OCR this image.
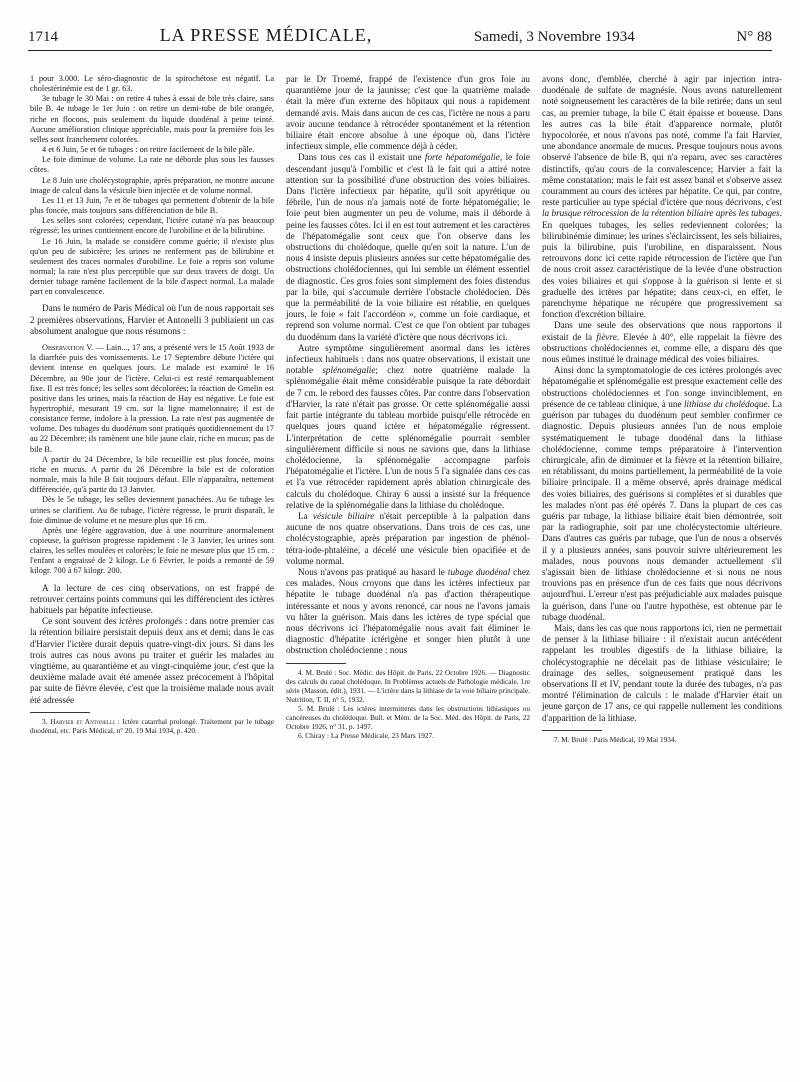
1714	LA PRESSE MÉDICALE,	Samedi, 3 Novembre 1934	N° 88

1 pour 3.000. Le séro-diagnostic de la spirochétose est négatif. La cholestérinémie est de 1 gr. 63.

3e tubage le 30 Mai : on retire 4 tubes à essai de bile très claire, sans bile B. 4e tubage le 1er Juin : on retire un demi-tube de bile orangée, riche en flocons, puis seulement du liquide duodénal à peine teinté. Aucune amélioration clinique appréciable, mais pour la première fois les selles sont franchement colorées.

4 et 6 Juin, 5e et 6e tubages : on retire facilement de la bile pâle.

Le foie diminue de volume. La rate ne déborde plus sous les fausses côtes.

Le 8 Juin une cholécystographie, après préparation, ne montre aucune image de calcul dans la vésicule bien injectée et de volume normal.

Les 11 et 13 Juin, 7e et 8e tubages qui permettent d'obtenir de la bile plus foncée, mais toujours sans différenciation de bile B.

Les selles sont colorées; cependant, l'ictère cutané n'a pas beaucoup régressé; les urines contiennent encore de l'urobiline et de la bilirubine.

Le 16 Juin, la malade se considère comme guérie; il n'existe plus qu'un peu de subictère; les urines ne renferment pas de bilirubine et seulement des traces normales d'urobiline. Le foie a repris son volume normal; la rate n'est plus perceptible que sur deux travers de doigt. Un dernier tubage ramène facilement de la bile d'aspect normal. La malade part en convalescence.

Dans le numéro de Paris Médical où l'un de nous rapportait ses 2 premières observations, Harvier et Antonelli 3 publiaient un cas absolument analogue que nous résumons :

Observation V. — Lain..., 17 ans, a présenté vers le 15 Août 1933 de la diarrhée puis des vomissements. Le 17 Septembre débute l'ictère qui devient intense en quelques jours. Le malade est examiné le 16 Décembre, au 90e jour de l'ictère. Celui-ci est resté remarquablement fixe. Il est très foncé; les selles sont décolorées; la réaction de Gmelin est positive dans les urines, mais la réaction de Hay est négative. Le foie est hypertrophié, mesurant 19 cm. sur la ligne mamelonnaire; il est de consistance ferme, indolore à la pression. La rate n'est pas augmentée de volume. Des tubages du duodénum sont pratiqués quotidiennement du 17 au 22 Décembre; ils ramènent une bile jaune clair, riche en mucus; pas de bile B.

A partir du 24 Décembre, la bile recueillie est plus foncée, moins riche en mucus. A partir du 26 Décembre la bile est de coloration normale, mais la bile B fait toujours défaut. Elle n'apparaîtra, nettement différenciée, qu'à partir du 13 Janvier.

Dès le 5e tubage, les selles deviennent panachées. Au 6e tubage les urines se clarifient. Au 8e tubage, l'ictère régresse, le prurit disparaît, le foie diminue de volume et ne mesure plus que 16 cm.

Après une légère aggravation, due à une nourriture anormalement copieuse, la guérison progresse rapidement : le 3 Janvier, les urines sont claires, les selles moulées et colorées; le foie ne mesure plus que 15 cm. : l'enfant a engraissé de 2 kilogr. Le 6 Février, le poids a remonté de 59 kilogr. 700 à 67 kilogr. 200.

A la lecture de ces cinq observations, on est frappé de retrouver certains points communs qui les différencient des ictères habituels par hépatite infectieuse.

Ce sont souvent des ictères prolongés : dans notre premier cas la rétention biliaire persistait depuis deux ans et demi; dans le cas d'Harvier l'ictère durait depuis quatre-vingt-dix jours. Si dans les trois autres cas nous avons pu traiter et guérir les malades au vingtième, au quarantième et au vingt-cinquième jour, c'est que la deuxième malade avait été amenée assez précocement à l'hôpital par suite de fièvre élevée, c'est que la troisième malade nous avait été adressée

3. Harvier et Antonelli : Ictère catarrhal prolongé. Traitement par le tubage duodénal, etc. Paris Médical, n° 20, 19 Mai 1934, p. 420.

par le Dr Troemé, frappé de l'existence d'un gros foie au quarantième jour de la jaunisse; c'est que la quatrième malade était la mère d'un externe des hôpitaux qui nous a rapidement demandé avis. Mais dans aucun de ces cas, l'ictère ne nous a paru avoir aucune tendance à rétrocéder spontanément et la rétention biliaire était encore absolue à une époque où, dans l'ictère infectieux simple, elle commence déjà à céder.

Dans tous ces cas il existait une forte hépatomégalie, le foie descendant jusqu'à l'ombilic et c'est là le fait qui a attiré notre attention sur la possibilité d'une obstruction des voies biliaires. Dans l'ictère infectieux par hépatite, qu'il soit apyrétique ou fébrile, l'un de nous n'a jamais noté de forte hépatomégalie; le foie peut bien augmenter un peu de volume, mais il déborde à peine les fausses côtes. Ici il en est tout autrement et les caractères de l'hépatomégalie sont ceux que l'on observe dans les obstructions du cholédoque, quelle qu'en soit la nature. L'un de nous 4 insiste depuis plusieurs années sur cette hépatomégalie des obstructions cholédociennes, qui lui semble un élément essentiel de diagnostic. Ces gros foies sont simplement des foies distendus par la bile, qui s'accumule derrière l'obstacle cholédocien. Dès que la perméabilité de la voie biliaire est rétablie, en quelques jours, le foie « fait l'accordéon », comme un foie cardiaque, et reprend son volume normal. C'est ce que l'on obtient par tubages du duodénum dans la variété d'ictère que nous décrivons ici.

Autre symptôme singulièrement anormal dans les ictères infectieux habituels : dans nos quatre observations, il existait une notable splénomégalie; chez notre quatrième malade la splénomégalie était même considérable puisque la rate débordait de 7 cm. le rebord des fausses côtes. Par contre dans l'observation d'Harvier, la rate n'était pas grosse. Or cette splénomégalie aussi fait partie intégrante du tableau morbide puisqu'elle rétrocède en quelques jours quand ictère et hépatomégalie régressent. L'interprétation de cette splénomégalie pourrait sembler singulièrement difficile si nous ne savions que, dans la lithiase cholédocienne, la splénomégalie accompagne parfois l'hépatomégalie et l'ictère. L'un de nous 5 l'a signalée dans ces cas et l'a vue rétrocéder rapidement après ablation chirurgicale des calculs du cholédoque. Chiray 6 aussi a insisté sur la fréquence relative de la splénomégalie dans la lithiase du cholédoque.

La vésicule biliaire n'était perceptible à la palpation dans aucune de nos quatre observations. Dans trois de ces cas, une cholécystographie, après préparation par ingestion de phénol-tétra-iode-phtaléine, a décelé une vésicule bien opacifiée et de volume normal.

Nous n'avons pas pratiqué au hasard le tubage duodénal chez ces malades. Nous croyons que dans les ictères infectieux par hépatite le tubage duodénal n'a pas d'action thérapeutique intéressante et nous y avons renoncé, car nous ne l'avons jamais vu hâter la guérison. Mais dans les ictères de type spécial que nous décrivons ici l'hépatomégalie nous avait fait éliminer le diagnostic d'hépatite ictérigène et songer bien plutôt à une obstruction cholédocienne : nous

4. M. Brulé : Soc. Médic. des Hôpit. de Paris, 22 Octobre 1926. — Diagnostic des calculs du canal cholédoque. In Problèmes actuels de Pathologie médicale, 1re série (Masson, édit.), 1931. — L'ictère dans la lithiase de la voie biliaire principale. Nutrition, T. II, n° 5, 1932.

5. M. Brulé : Les ictères intermittents dans les obstructions lithiasiques ou cancéreuses du cholédoque. Bull. et Mém. de la Soc. Méd. des Hôpit. de Paris, 22 Octobre 1926, n° 31, p. 1497.

6. Chiray : La Presse Médicale, 23 Mars 1927.

avons donc, d'emblée, cherché à agir par injection intra-duodénale de sulfate de magnésie. Nous avons naturellement noté soigneusement les caractères de la bile retirée; dans un seul cas, au premier tubage, la bile C était épaisse et boueuse. Dans les autres cas la bile était d'apparence normale, plutôt hypocolorée, et nous n'avons pas noté, comme l'a fait Harvier, une abondance anormale de mucus. Presque toujours nous avons observé l'absence de bile B, qui n'a reparu, avec ses caractères distinctifs, qu'au cours de la convalescence; Harvier a fait la même constatation; mais le fait est assez banal et s'observe assez couramment au cours des ictères par hépatite. Ce qui, par contre, reste particulier au type spécial d'ictère que nous décrivons, c'est la brusque rétrocession de la rétention biliaire après les tubages. En quelques tubages, les selles redeviennent colorées; la bilirubinémie diminue; les urines s'éclaircissent, les sels biliaires, puis la bilirubine, puis l'urobiline, en disparaissent. Nous retrouvons donc ici cette rapide rétrocession de l'ictère que l'un de nous croit assez caractéristique de la levée d'une obstruction des voies biliaires et qui s'oppose à la guérison si lente et si graduelle des ictères par hépatite; dans ceux-ci, en effet, le parenchyme hépatique ne récupère que progressivement sa fonction d'excrétion biliaire.

Dans une seule des observations que nous rapportons il existait de la fièvre. Elevée à 40°, elle rappelait la fièvre des obstructions cholédociennes et, comme elle, a disparu dès que nous eûmes institué le drainage médical des voies biliaires.

Ainsi donc la symptomatologie de ces ictères prolongés avec hépatomégalie et splénomégalie est presque exactement celle des obstructions cholédociennes et l'on songe invinciblement, en présence de ce tableau clinique, à une lithiase du cholédoque. La guérison par tubages du duodénum peut sembler confirmer ce diagnostic. Depuis plusieurs années l'un de nous emploie systématiquement le tubage duodénal dans la lithiase cholédocienne, comme temps préparatoire à l'intervention chirurgicale, afin de diminuer et la fièvre et la rétention biliaire, en rétablissant, du moins partiellement, la perméabilité de la voie biliaire principale. Il a même observé, après drainage médical des voies biliaires, des guérisons si complètes et si durables que les malades n'ont pas été opérés 7. Dans la plupart de ces cas guéris par tubage, la lithiase biliaire était bien démontrée, soit par la radiographie, soit par une cholécystectomie ultérieure. Dans d'autres cas guéris par tubage, que l'un de nous a observés il y a plusieurs années, sans pouvoir suivre ultérieurement les malades, nous pouvons nous demander actuellement s'il s'agissait bien de lithiase cholédocienne et si nous ne nous trouvions pas en présence d'un de ces faits que nous décrivons aujourd'hui. L'erreur n'est pas préjudiciable aux malades puisque la guérison, dans l'une ou l'autre hypothèse, est obtenue par le tubage duodénal.

Mais, dans les cas que nous rapportons ici, rien ne permettait de penser à la lithiase biliaire : il n'existait aucun antécédent rappelant les troubles digestifs de la lithiase biliaire, la cholécystographie ne décelait pas de lithiase vésiculaire; le drainage des selles, soigneusement pratiqué dans les observations II et IV, pendant toute la durée des tubages, n'a pas montré l'élimination de calculs : le malade d'Harvier était un jeune garçon de 17 ans, ce qui rappelle nullement les conditions d'apparition de la lithiase.

7. M. Brulé : Paris Médical, 19 Mai 1934.
